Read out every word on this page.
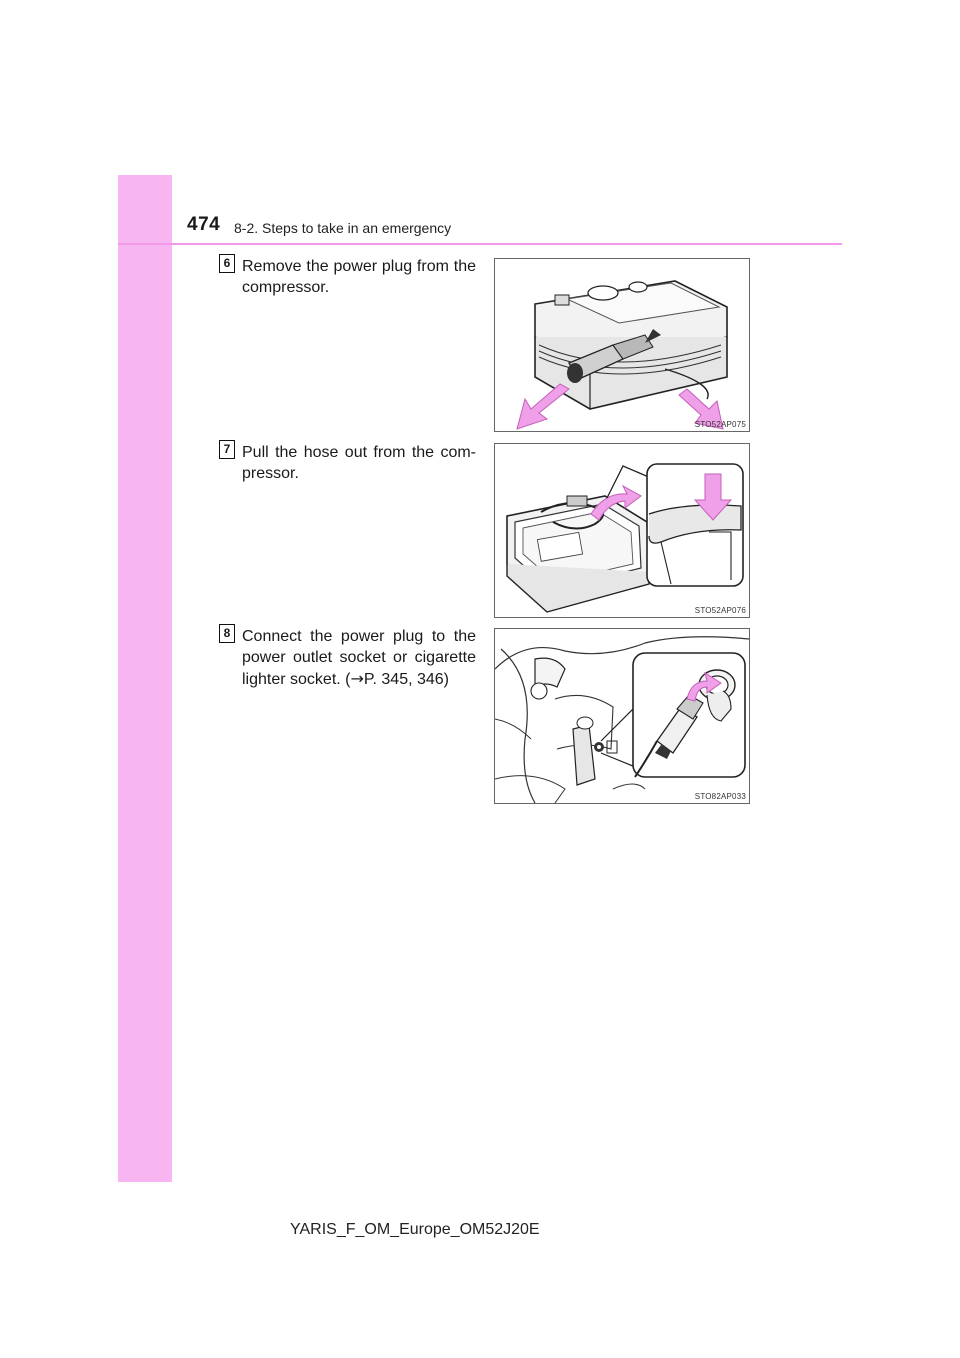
474 8-2. Steps to take in an emergency
6 Remove the power plug from the compressor.
STO52AP075
7 Pull the hose out from the com-pressor.
STO52AP076
8 Connect the power plug to the power outlet socket or cigarette lighter socket. (→P. 345, 346)
STO82AP033
YARIS_F_OM_Europe_OM52J20E
